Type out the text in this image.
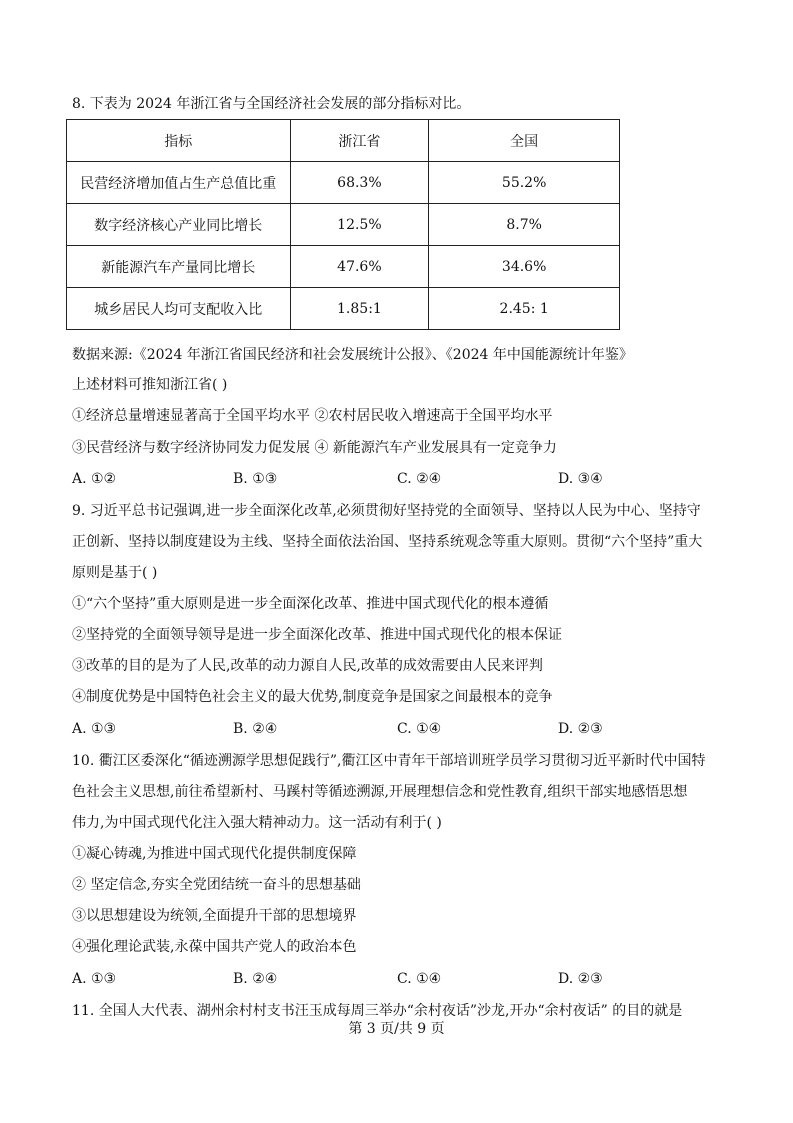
8. 下表为 2024 年浙江省与全国经济社会发展的部分指标对比。
指标	浙江省	全国
民营经济增加值占生产总值比重	68.3%	55.2%
数字经济核心产业同比增长	12.5%	8.7%
新能源汽车产量同比增长	47.6%	34.6%
城乡居民人均可支配收入比	1.85:1	2.45: 1
数据来源:《2024 年浙江省国民经济和社会发展统计公报》、《2024 年中国能源统计年鉴》
上述材料可推知浙江省( )
①经济总量增速显著高于全国平均水平 ②农村居民收入增速高于全国平均水平
③民营经济与数字经济协同发力促发展 ④ 新能源汽车产业发展具有一定竞争力
A. ①②	B. ①③	C. ②④	D. ③④
9. 习近平总书记强调,进一步全面深化改革,必须贯彻好坚持党的全面领导、坚持以人民为中心、坚持守
正创新、坚持以制度建设为主线、坚持全面依法治国、坚持系统观念等重大原则。贯彻“六个坚持”重大
原则是基于( )
①“六个坚持”重大原则是进一步全面深化改革、推进中国式现代化的根本遵循
②坚持党的全面领导领导是进一步全面深化改革、推进中国式现代化的根本保证
③改革的目的是为了人民,改革的动力源自人民,改革的成效需要由人民来评判
④制度优势是中国特色社会主义的最大优势,制度竞争是国家之间最根本的竞争
A. ①③	B. ②④	C. ①④	D. ②③
10. 衢江区委深化“循迹溯源学思想促践行”,衢江区中青年干部培训班学员学习贯彻习近平新时代中国特
色社会主义思想,前往希望新村、马蹊村等循迹溯源,开展理想信念和党性教育,组织干部实地感悟思想
伟力,为中国式现代化注入强大精神动力。这一活动有利于( )
①凝心铸魂,为推进中国式现代化提供制度保障
② 坚定信念,夯实全党团结统一奋斗的思想基础
③以思想建设为统领,全面提升干部的思想境界
④强化理论武装,永葆中国共产党人的政治本色
A. ①③	B. ②④	C. ①④	D. ②③
11. 全国人大代表、湖州余村村支书汪玉成每周三举办“余村夜话”沙龙,开办“余村夜话” 的目的就是
第 3 页/共 9 页
